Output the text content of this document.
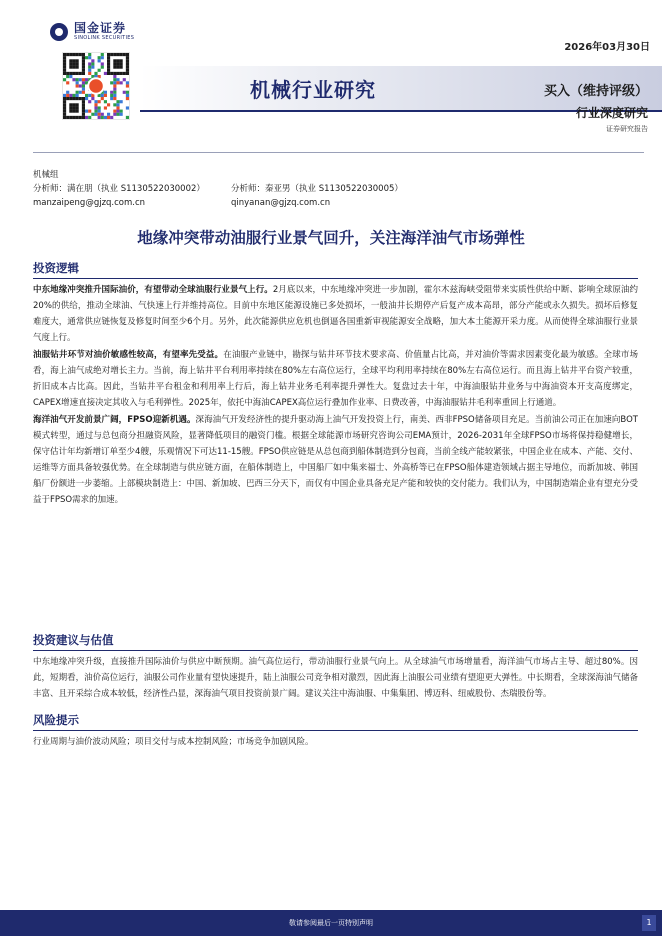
国金证券
SINOLINK SECURITIES
2026年03月30日
机械行业研究	买入（维持评级）
行业深度研究
证券研究报告
机械组
分析师：满在朋（执业 S1130522030002）	分析师：秦亚男（执业 S1130522030005）
manzaipeng@gjzq.com.cn	qinyanan@gjzq.com.cn
地缘冲突带动油服行业景气回升，关注海洋油气市场弹性
投资逻辑

中东地缘冲突推升国际油价，有望带动全球油服行业景气上行。2月底以来，中东地缘冲突进一步加剧，霍尔木兹海峡受阻带来实质性供给中断、影响全球原油约20%的供给，推动全球油、气快速上行并维持高位。目前中东地区能源设施已多处损坏，一般油井长期停产后复产成本高昂，部分产能或永久损失。损坏后修复难度大，通常供应链恢复及修复时间至少6个月。另外，此次能源供应危机也倒逼各国重新审视能源安全战略，加大本土能源开采力度。从而使得全球油服行业景气度上行。

油服钻井环节对油价敏感性较高，有望率先受益。在油服产业链中，勘探与钻井环节技术要求高、价值量占比高，并对油价等需求因素变化最为敏感。全球市场看，海上油气成绝对增长主力。当前，海上钻井平台利用率持续在80%左右高位运行，全球平均利用率持续在80%左右高位运行。而且海上钻井平台资产较重，折旧成本占比高。因此，当钻井平台租金和利用率上行后，海上钻井业务毛利率提升弹性大。复盘过去十年，中海油服钻井业务与中海油资本开支高度绑定，CAPEX增速直接决定其收入与毛利弹性。2025年，依托中海油CAPEX高位运行叠加作业率、日费改善，中海油服钻井毛利率重回上行通道。

海洋油气开发前景广阔，FPSO迎新机遇。深海油气开发经济性的提升驱动海上油气开发投资上行，南美、西非FPSO储备项目充足。当前油公司正在加速向BOT模式转型，通过与总包商分担融资风险，显著降低项目的融资门槛。根据全球能源市场研究咨询公司EMA预计，2026-2031年全球FPSO市场将保持稳健增长，保守估计年均新增订单至少4艘，乐观情况下可达11-15艘。FPSO供应链是从总包商到船体制造到分包商，当前全线产能较紧张，中国企业在成本、产能、交付、运维等方面具备较强优势。在全球制造与供应链方面，在船体制造上，中国船厂如中集来福士、外高桥等已在FPSO船体建造领域占据主导地位，而新加坡、韩国船厂份额进一步萎缩。上部模块制造上：中国、新加坡、巴西三分天下，而仅有中国企业具备充足产能和较快的交付能力。我们认为，中国制造端企业有望充分受益于FPSO需求的加速。

投资建议与估值

中东地缘冲突升级，直接推升国际油价与供应中断预期。油气高位运行，带动油服行业景气向上。从全球油气市场增量看，海洋油气市场占主导、超过80%。因此，短期看，油价高位运行，油服公司作业量有望快速提升，陆上油服公司竞争相对激烈，因此海上油服公司业绩有望迎更大弹性。中长期看，全球深海油气储备丰富、且开采综合成本较低，经济性凸显，深海油气项目投资前景广阔。建议关注中海油服、中集集团、博迈科、纽威股份、杰瑞股份等。

风险提示

行业周期与油价波动风险；项目交付与成本控制风险；市场竞争加剧风险。

敬请参阅最后一页特别声明	1
